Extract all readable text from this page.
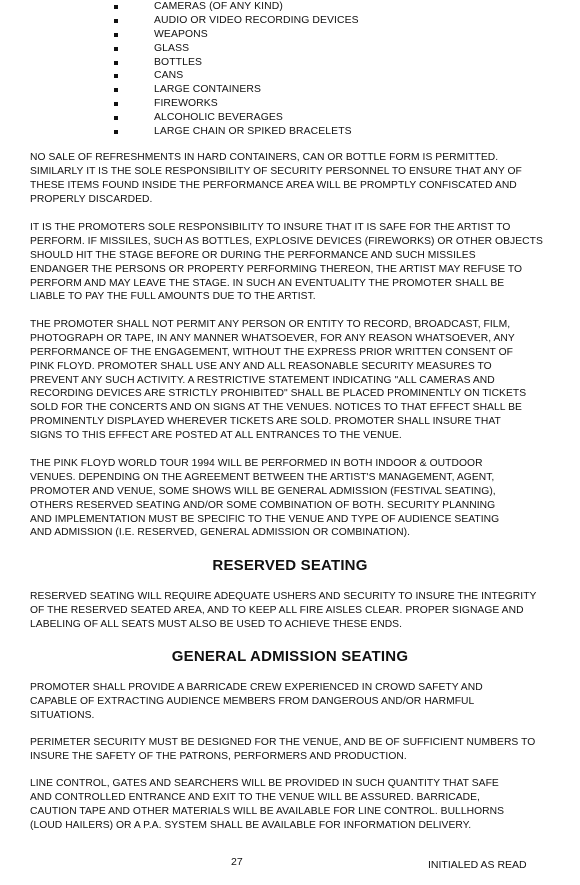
CAMERAS (OF ANY KIND)
AUDIO OR VIDEO RECORDING DEVICES
WEAPONS
GLASS
BOTTLES
CANS
LARGE CONTAINERS
FIREWORKS
ALCOHOLIC BEVERAGES
LARGE CHAIN OR SPIKED BRACELETS

NO SALE OF REFRESHMENTS IN HARD CONTAINERS, CAN OR BOTTLE FORM IS PERMITTED.
SIMILARLY IT IS THE SOLE RESPONSIBILITY OF SECURITY PERSONNEL TO ENSURE THAT ANY OF
THESE ITEMS FOUND INSIDE THE PERFORMANCE AREA WILL BE PROMPTLY CONFISCATED AND
PROPERLY DISCARDED.

IT IS THE PROMOTERS SOLE RESPONSIBILITY TO INSURE THAT IT IS SAFE FOR THE ARTIST TO
PERFORM. IF MISSILES, SUCH AS BOTTLES, EXPLOSIVE DEVICES (FIREWORKS) OR OTHER OBJECTS
SHOULD HIT THE STAGE BEFORE OR DURING THE PERFORMANCE AND SUCH MISSILES
ENDANGER THE PERSONS OR PROPERTY PERFORMING THEREON, THE ARTIST MAY REFUSE TO
PERFORM AND MAY LEAVE THE STAGE. IN SUCH AN EVENTUALITY THE PROMOTER SHALL BE
LIABLE TO PAY THE FULL AMOUNTS DUE TO THE ARTIST.

THE PROMOTER SHALL NOT PERMIT ANY PERSON OR ENTITY TO RECORD, BROADCAST, FILM,
PHOTOGRAPH OR TAPE, IN ANY MANNER WHATSOEVER, FOR ANY REASON WHATSOEVER, ANY
PERFORMANCE OF THE ENGAGEMENT, WITHOUT THE EXPRESS PRIOR WRITTEN CONSENT OF
PINK FLOYD. PROMOTER SHALL USE ANY AND ALL REASONABLE SECURITY MEASURES TO
PREVENT ANY SUCH ACTIVITY. A RESTRICTIVE STATEMENT INDICATING "ALL CAMERAS AND
RECORDING DEVICES ARE STRICTLY PROHIBITED" SHALL BE PLACED PROMINENTLY ON TICKETS
SOLD FOR THE CONCERTS AND ON SIGNS AT THE VENUES. NOTICES TO THAT EFFECT SHALL BE
PROMINENTLY DISPLAYED WHEREVER TICKETS ARE SOLD. PROMOTER SHALL INSURE THAT
SIGNS TO THIS EFFECT ARE POSTED AT ALL ENTRANCES TO THE VENUE.

THE PINK FLOYD WORLD TOUR 1994 WILL BE PERFORMED IN BOTH INDOOR & OUTDOOR
VENUES. DEPENDING ON THE AGREEMENT BETWEEN THE ARTIST'S MANAGEMENT, AGENT,
PROMOTER AND VENUE, SOME SHOWS WILL BE GENERAL ADMISSION (FESTIVAL SEATING),
OTHERS RESERVED SEATING AND/OR SOME COMBINATION OF BOTH. SECURITY PLANNING
AND IMPLEMENTATION MUST BE SPECIFIC TO THE VENUE AND TYPE OF AUDIENCE SEATING
AND ADMISSION (I.E. RESERVED, GENERAL ADMISSION OR COMBINATION).

RESERVED SEATING

RESERVED SEATING WILL REQUIRE ADEQUATE USHERS AND SECURITY TO INSURE THE INTEGRITY
OF THE RESERVED SEATED AREA, AND TO KEEP ALL FIRE AISLES CLEAR. PROPER SIGNAGE AND
LABELING OF ALL SEATS MUST ALSO BE USED TO ACHIEVE THESE ENDS.

GENERAL ADMISSION SEATING

PROMOTER SHALL PROVIDE A BARRICADE CREW EXPERIENCED IN CROWD SAFETY AND
CAPABLE OF EXTRACTING AUDIENCE MEMBERS FROM DANGEROUS AND/OR HARMFUL
SITUATIONS.

PERIMETER SECURITY MUST BE DESIGNED FOR THE VENUE, AND BE OF SUFFICIENT NUMBERS TO
INSURE THE SAFETY OF THE PATRONS, PERFORMERS AND PRODUCTION.

LINE CONTROL, GATES AND SEARCHERS WILL BE PROVIDED IN SUCH QUANTITY THAT SAFE
AND CONTROLLED ENTRANCE AND EXIT TO THE VENUE WILL BE ASSURED. BARRICADE,
CAUTION TAPE AND OTHER MATERIALS WILL BE AVAILABLE FOR LINE CONTROL. BULLHORNS
(LOUD HAILERS) OR A P.A. SYSTEM SHALL BE AVAILABLE FOR INFORMATION DELIVERY.

27	INITIALED AS READ
